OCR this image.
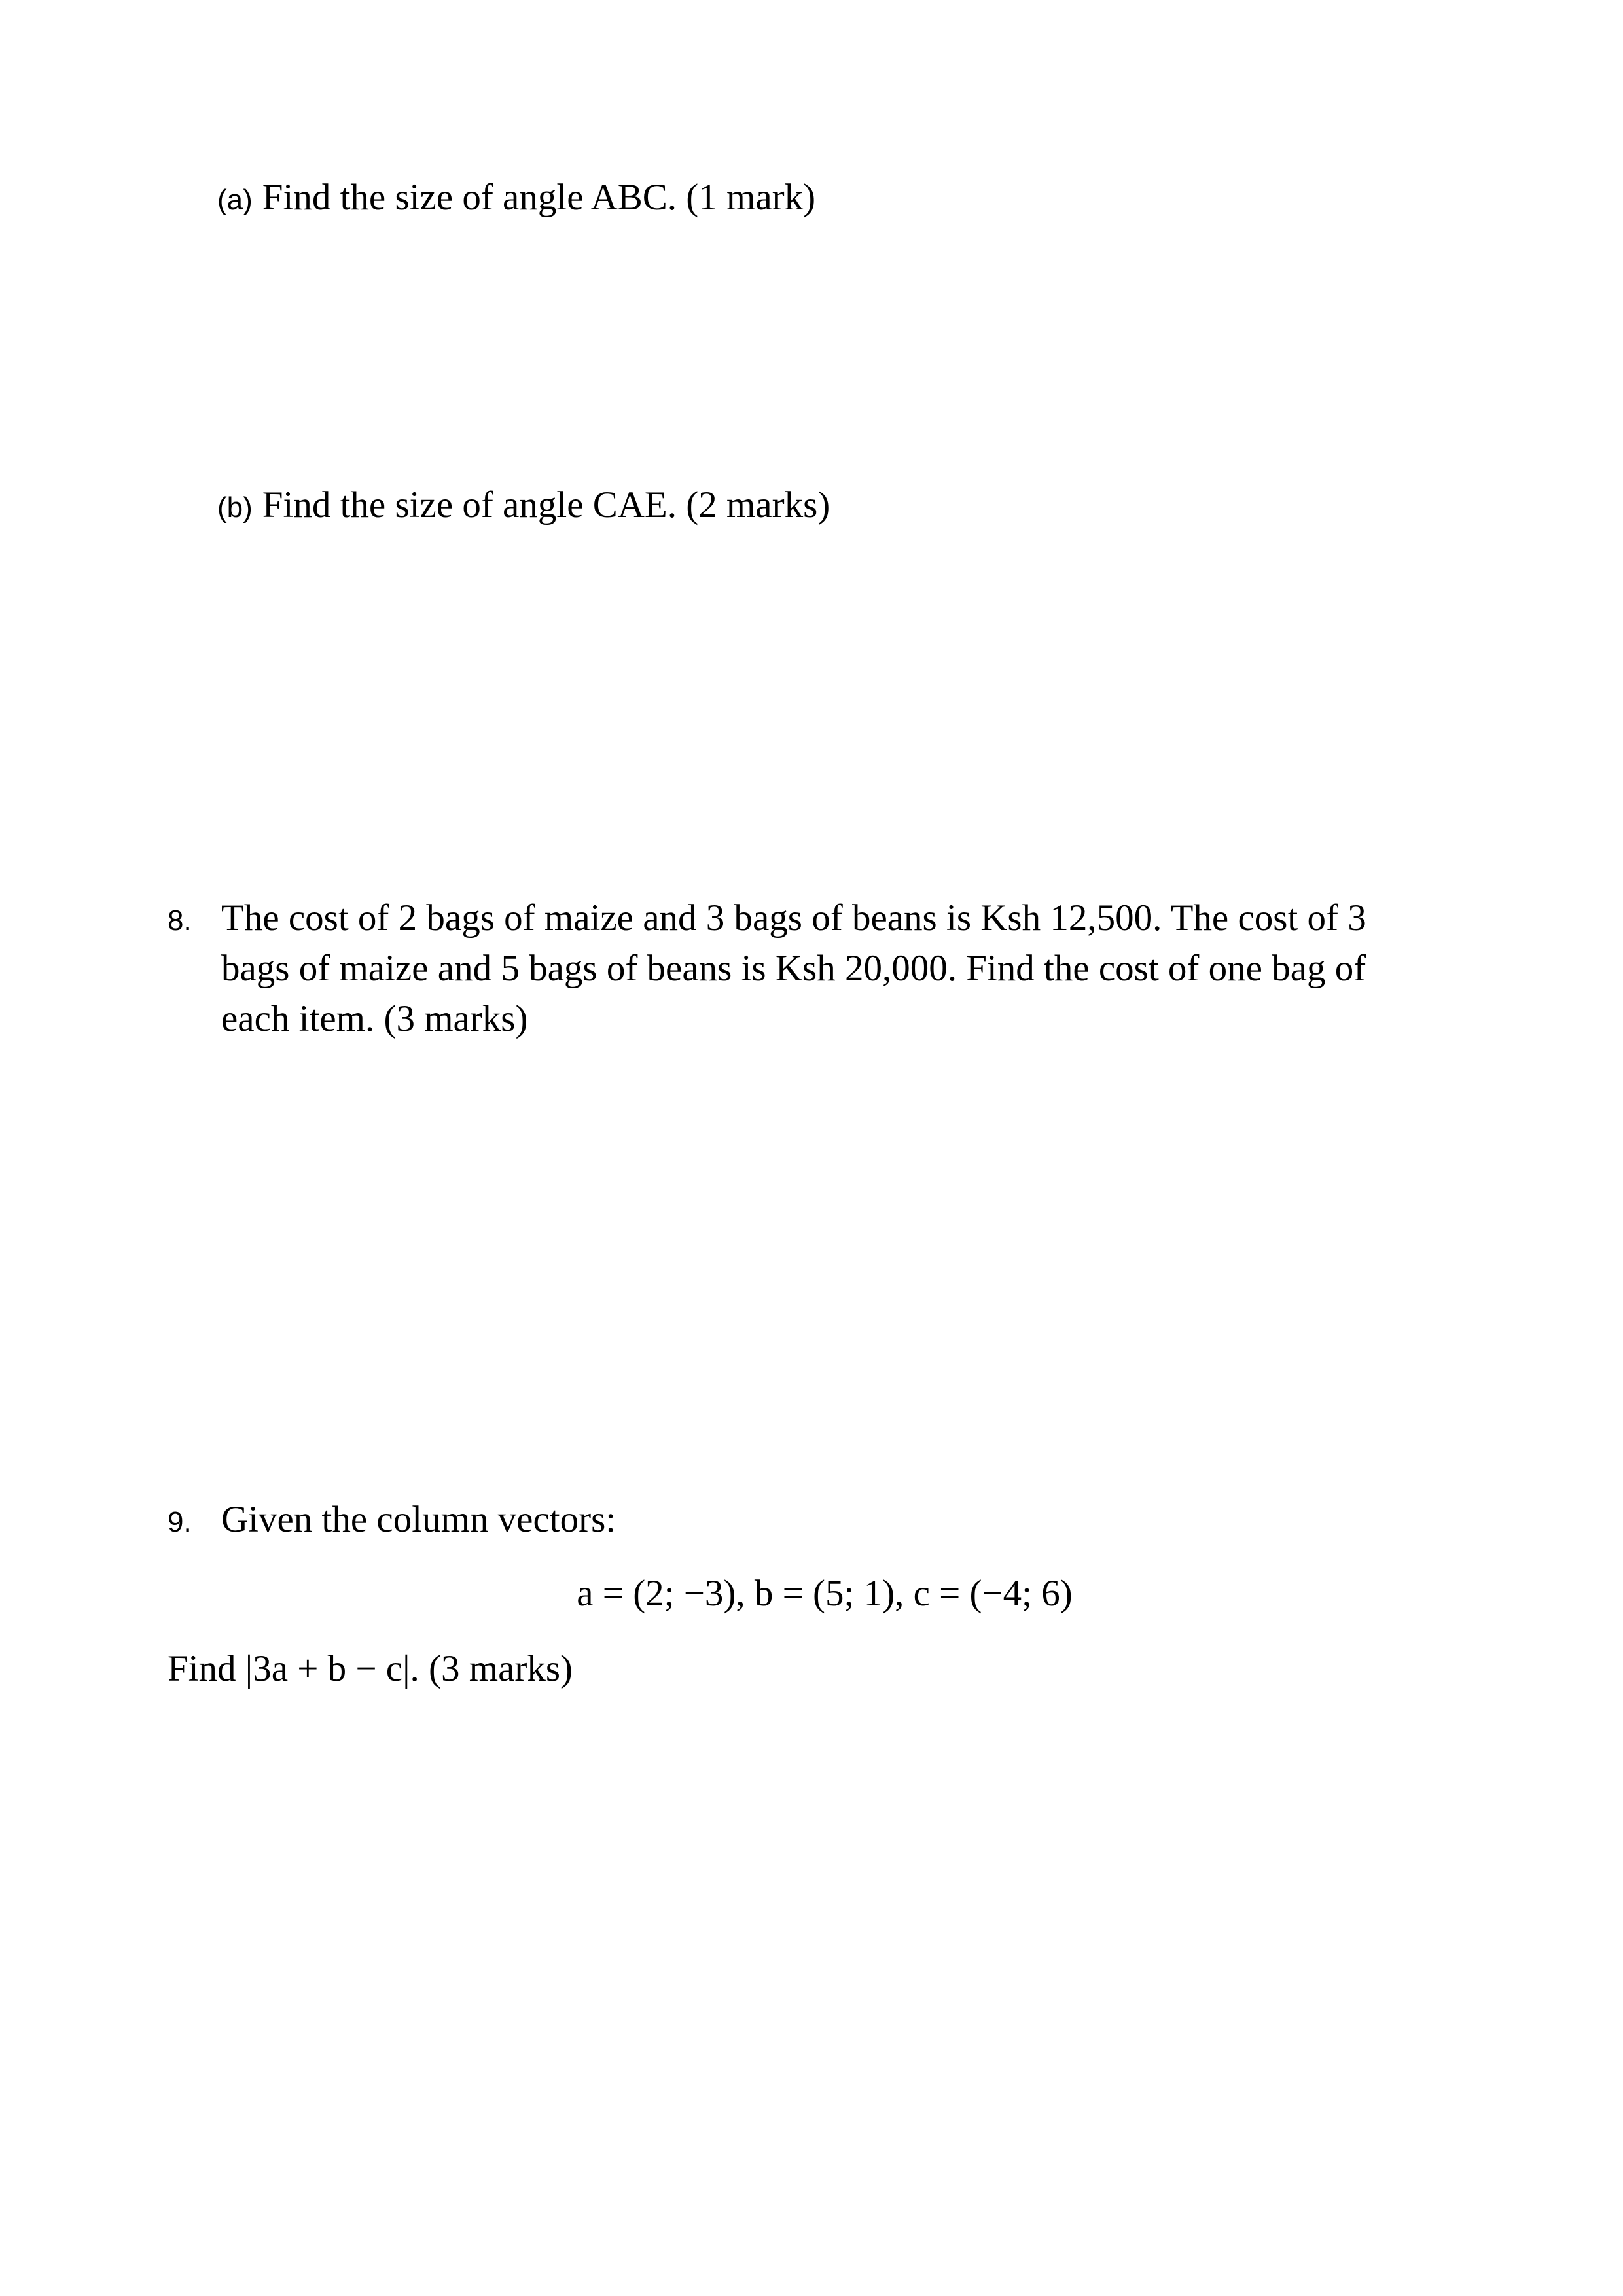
(a) Find the size of angle ABC. (1 mark)
(b) Find the size of angle CAE. (2 marks)
8. The cost of 2 bags of maize and 3 bags of beans is Ksh 12,500. The cost of 3
bags of maize and 5 bags of beans is Ksh 20,000. Find the cost of one bag of
each item. (3 marks)
9. Given the column vectors:
a = (2; −3), b = (5; 1), c = (−4; 6)
Find |3a + b − c|. (3 marks)
